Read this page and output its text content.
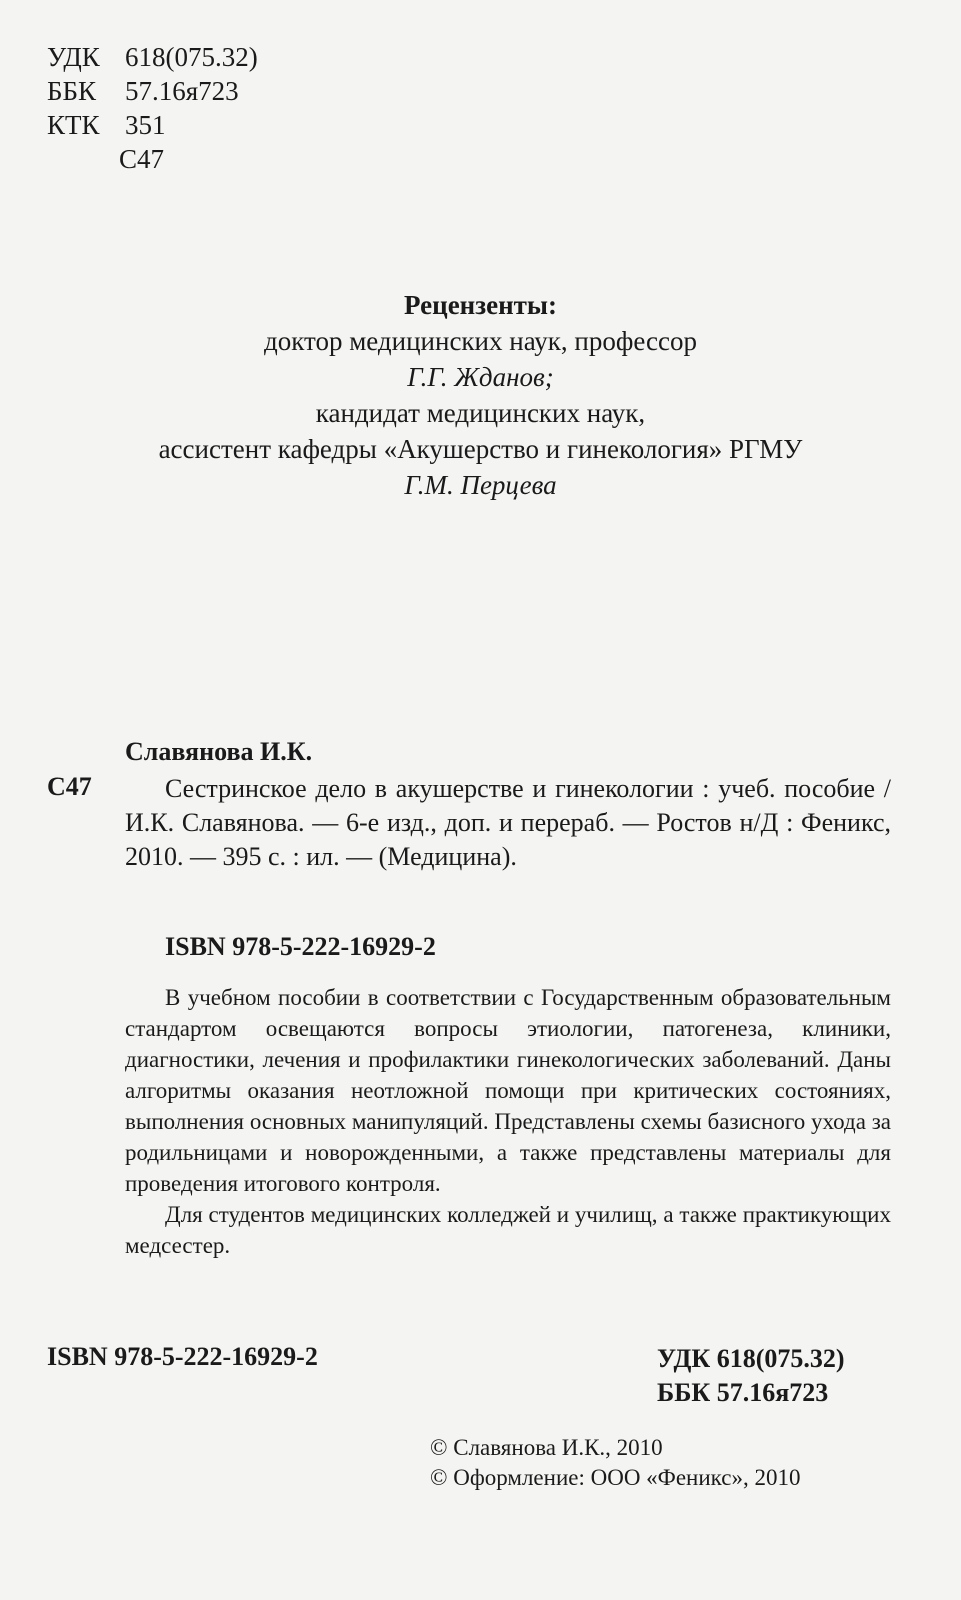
УДК 618(075.32)
ББК 57.16я723
КТК 351
С47
Рецензенты:
доктор медицинских наук, профессор
Г.Г. Жданов;
кандидат медицинских наук,
ассистент кафедры «Акушерство и гинекология» РГМУ
Г.М. Перцева
Славянова И.К.
С47	Сестринское дело в акушерстве и гинекологии : учеб. пособие / И.К. Славянова. — 6-е изд., доп. и перераб. — Ростов н/Д : Феникс, 2010. — 395 с. : ил. — (Медицина).

ISBN 978-5-222-16929-2

В учебном пособии в соответствии с Государственным образовательным стандартом освещаются вопросы этиологии, патогенеза, клиники, диагностики, лечения и профилактики гинекологических заболеваний. Даны алгоритмы оказания неотложной помощи при критических состояниях, выполнения основных манипуляций. Представлены схемы базисного ухода за родильницами и новорожденными, а также представлены материалы для проведения итогового контроля.

Для студентов медицинских колледжей и училищ, а также практикующих медсестер.

ISBN 978-5-222-16929-2	УДК 618(075.32)
ББК 57.16я723
© Славянова И.К., 2010
© Оформление: ООО «Феникс», 2010
